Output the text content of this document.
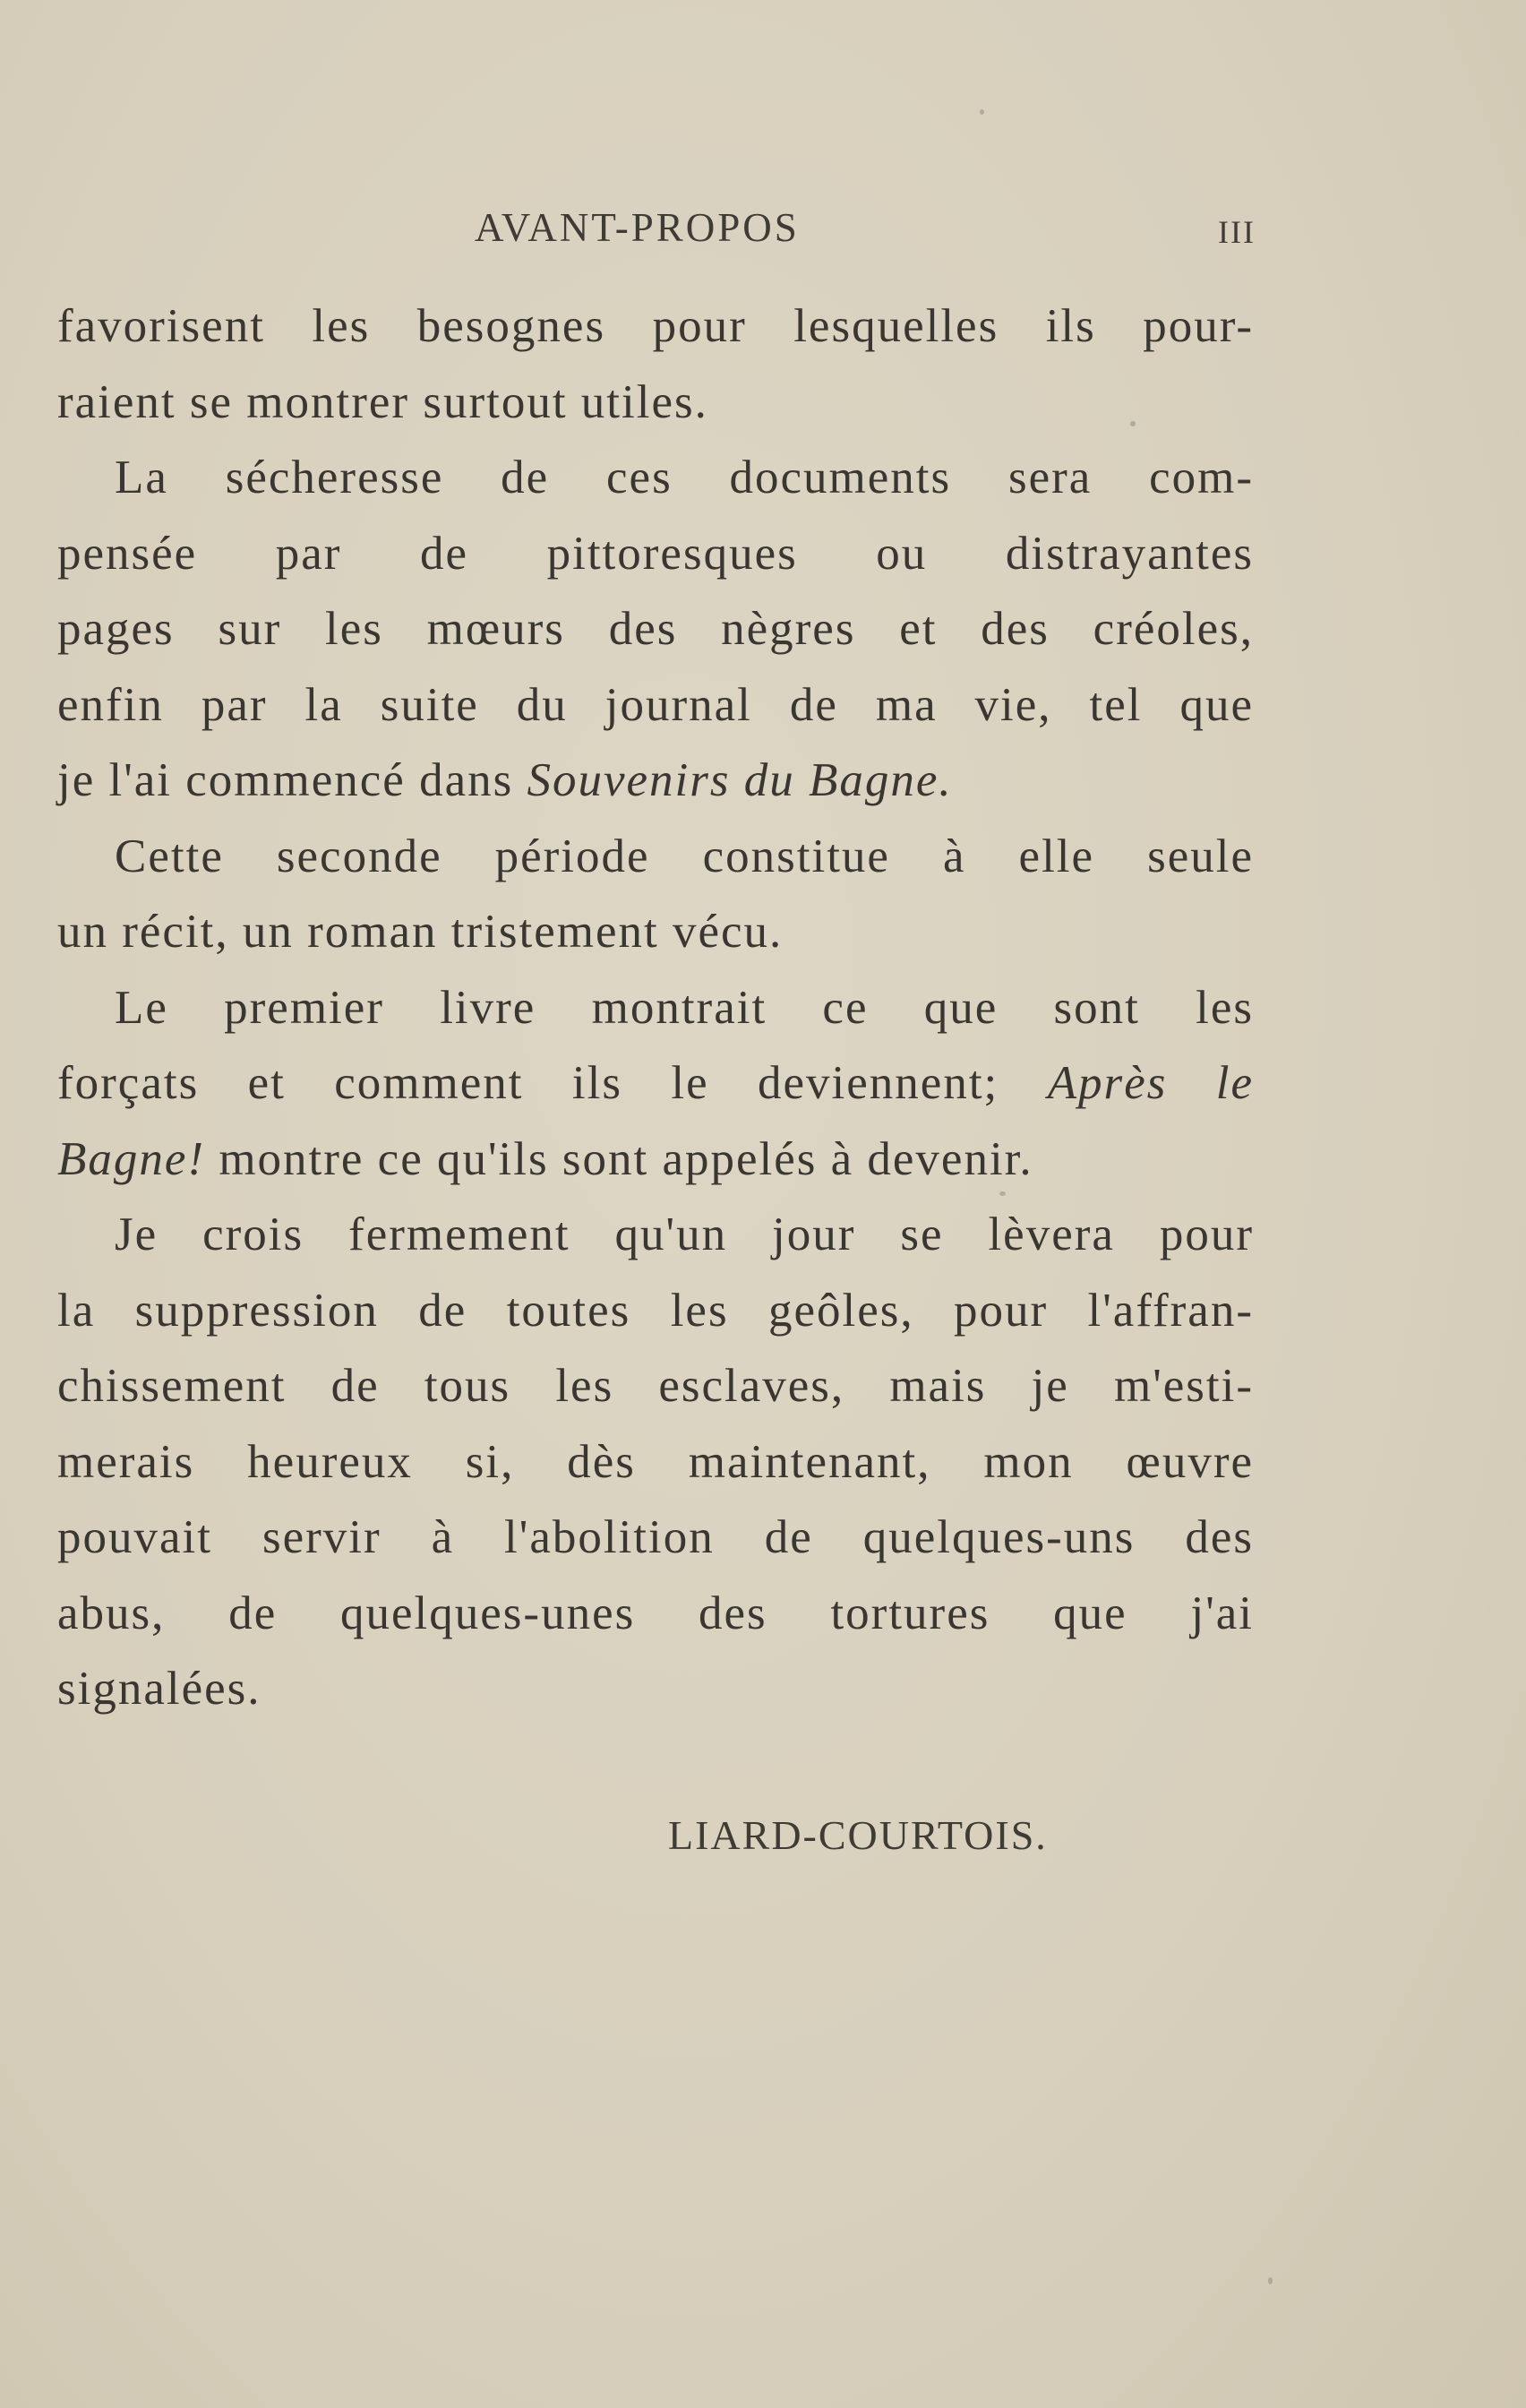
AVANT-PROPOS	III
favorisent les besognes pour lesquelles ils pour-
raient se montrer surtout utiles.
La sécheresse de ces documents sera com-
pensée par de pittoresques ou distrayantes
pages sur les mœurs des nègres et des créoles,
enfin par la suite du journal de ma vie, tel que
je l'ai commencé dans Souvenirs du Bagne.
Cette seconde période constitue à elle seule
un récit, un roman tristement vécu.
Le premier livre montrait ce que sont les
forçats et comment ils le deviennent; Après le
Bagne! montre ce qu'ils sont appelés à devenir.
Je crois fermement qu'un jour se lèvera pour
la suppression de toutes les geôles, pour l'affran-
chissement de tous les esclaves, mais je m'esti-
merais heureux si, dès maintenant, mon œuvre
pouvait servir à l'abolition de quelques-uns des
abus, de quelques-unes des tortures que j'ai
signalées.
LIARD-COURTOIS.
